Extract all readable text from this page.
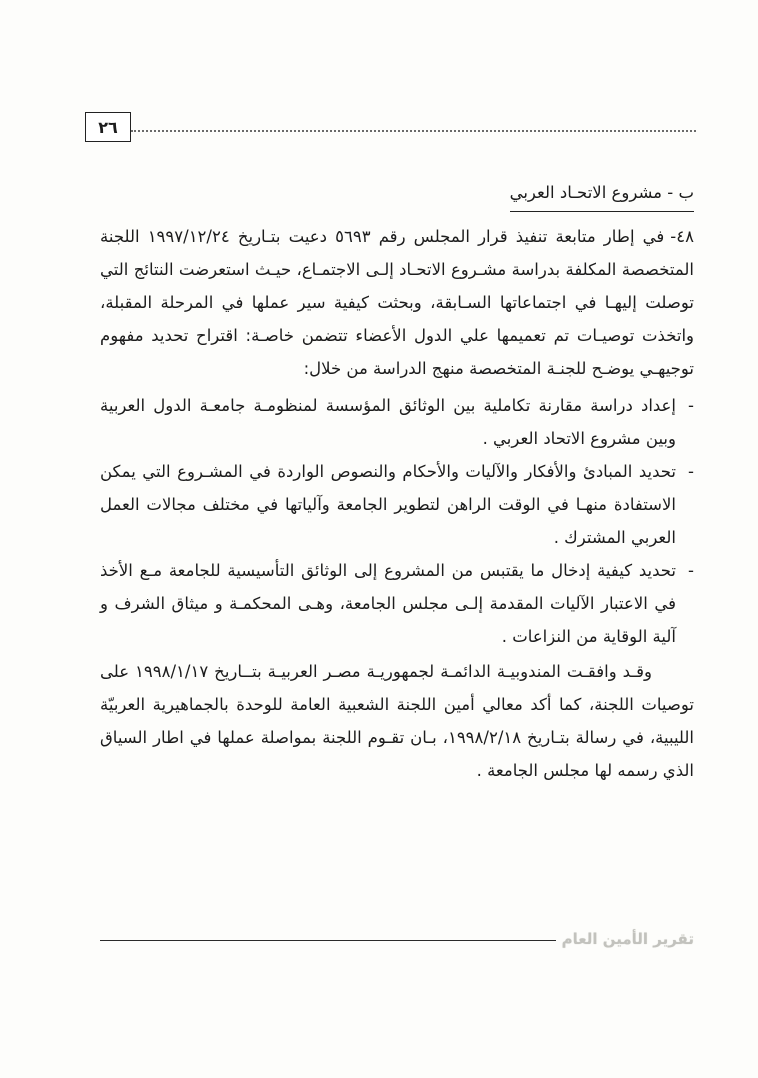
٢٦
ب - مشروع الاتحـاد العربي

٤٨-في إطار متابعة تنفيذ قرار المجلس رقم ٥٦٩٣ دعيت بتـاريخ ١٩٩٧/١٢/٢٤ اللجنة المتخصصة المكلفة بدراسة مشـروع الاتحـاد إلـى الاجتمـاع، حيـث استعرضت النتائج التي توصلت إليهـا في اجتماعاتها السـابقة، وبحثت كيفية سير عملها في المرحلة المقبلة، واتخذت توصيـات تم تعميمها علي الدول الأعضاء تتضمن خاصـة: اقتراح تحديد مفهوم توجيهـي يوضـح للجنـة المتخصصة منهج الدراسة من خلال:

-
إعداد دراسة مقارنة تكاملية بين الوثائق المؤسسة لمنظومـة جامعـة الدول العربية وبين مشروع الاتحاد العربي .
-
تحديد المبادئ والأفكار والآليات والأحكام والنصوص الواردة في المشـروع التي يمكن الاستفادة منهـا في الوقت الراهن لتطوير الجامعة وآلياتها في مختلف مجالات العمل العربي المشترك .
-
تحديد كيفية إدخال ما يقتبس من المشروع إلى الوثائق التأسيسية للجامعة مـع الأخذ في الاعتبار الآليات المقدمة إلـى مجلس الجامعة، وهـى المحكمـة و ميثاق الشرف و آلية الوقاية من النزاعات .

وقـد وافقـت المندوبيـة الدائمـة لجمهوريـة مصـر العربيـة بتــاريخ ١٩٩٨/١/١٧ على توصيات اللجنة، كما أكد معالي أمين اللجنة الشعبية العامة للوحدة بالجماهيرية العربيّة الليبية، في رسالة بتـاريخ ١٩٩٨/٢/١٨، بـان تقـوم اللجنة بمواصلة عملها في اطار السياق الذي رسمه لها مجلس الجامعة .

تقرير الأمين العام
